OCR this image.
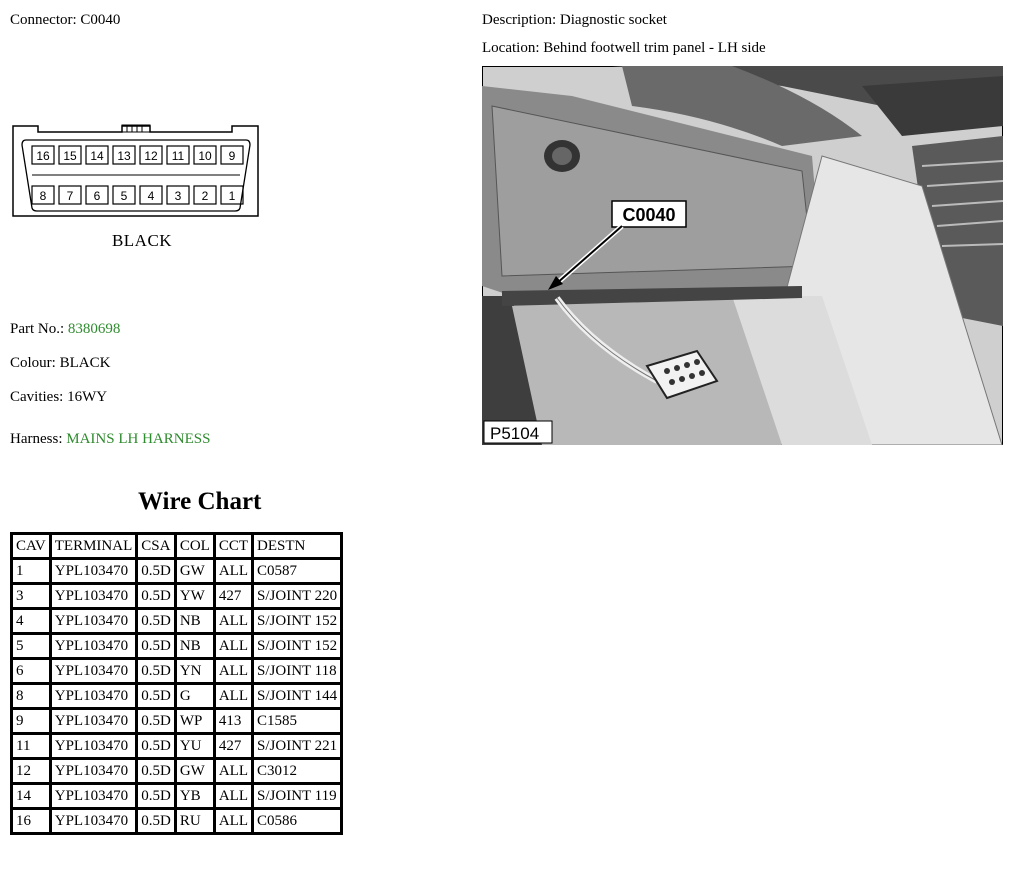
Connector: C0040	Description: Diagnostic socket
Location: Behind footwell trim panel - LH side
16 15 14 13 12 11 10 9
8 7 6 5 4 3 2 1
BLACK
Part No.: 8380698
Colour: BLACK
Cavities: 16WY
Harness: MAINS LH HARNESS
C0040
P5104
Wire Chart
CAV	TERMINAL	CSA	COL	CCT	DESTN
1	YPL103470	0.5D	GW	ALL	C0587
3	YPL103470	0.5D	YW	427	S/JOINT 220
4	YPL103470	0.5D	NB	ALL	S/JOINT 152
5	YPL103470	0.5D	NB	ALL	S/JOINT 152
6	YPL103470	0.5D	YN	ALL	S/JOINT 118
8	YPL103470	0.5D	G	ALL	S/JOINT 144
9	YPL103470	0.5D	WP	413	C1585
11	YPL103470	0.5D	YU	427	S/JOINT 221
12	YPL103470	0.5D	GW	ALL	C3012
14	YPL103470	0.5D	YB	ALL	S/JOINT 119
16	YPL103470	0.5D	RU	ALL	C0586
